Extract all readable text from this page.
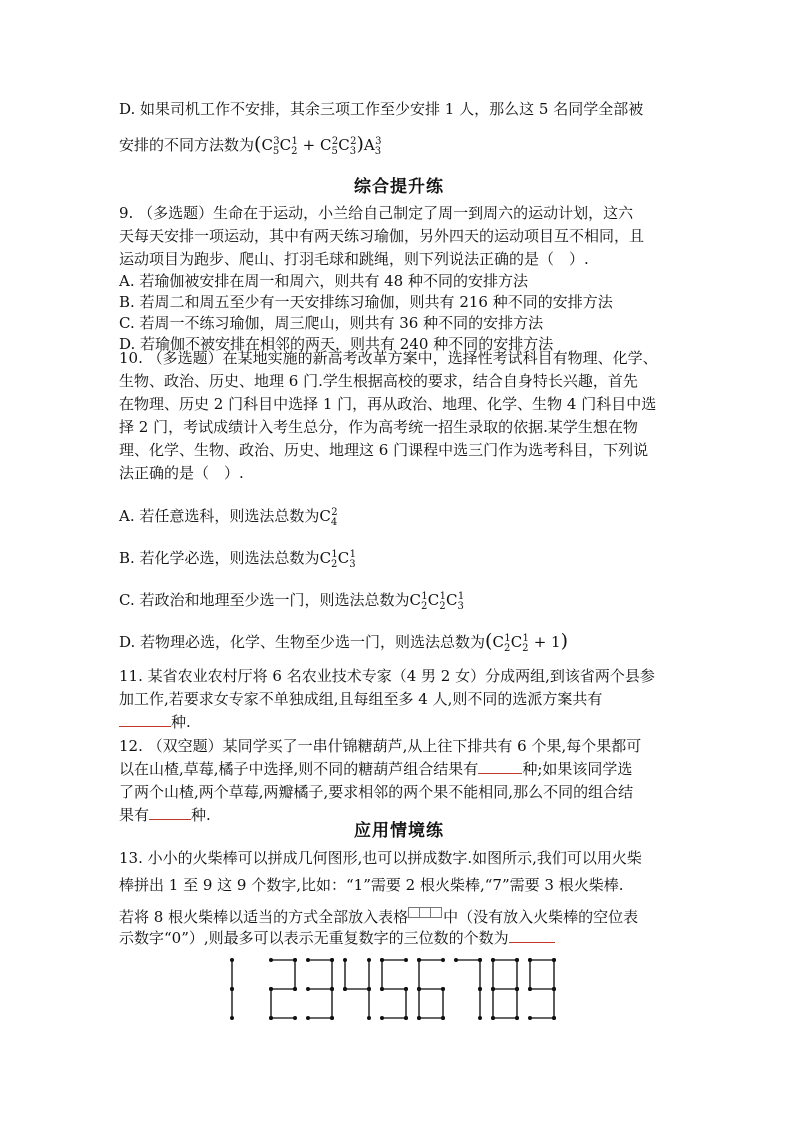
D. 如果司机工作不安排，其余三项工作至少安排 1 人，那么这 5 名同学全部被
安排的不同方法数为$(C_5^3C_2^1 + C_5^2C_3^2)A_3^3$
综合提升练
9. （多选题）生命在于运动，小兰给自己制定了周一到周六的运动计划，这六
天每天安排一项运动，其中有两天练习瑜伽，另外四天的运动项目互不相同，且
运动项目为跑步、爬山、打羽毛球和跳绳，则下列说法正确的是（　）.
A. 若瑜伽被安排在周一和周六，则共有 48 种不同的安排方法
B. 若周二和周五至少有一天安排练习瑜伽，则共有 216 种不同的安排方法
C. 若周一不练习瑜伽，周三爬山，则共有 36 种不同的安排方法
D. 若瑜伽不被安排在相邻的两天，则共有 240 种不同的安排方法
10. （多选题）在某地实施的新高考改革方案中，选择性考试科目有物理、化学、
生物、政治、历史、地理 6 门.学生根据高校的要求，结合自身特长兴趣，首先
在物理、历史 2 门科目中选择 1 门，再从政治、地理、化学、生物 4 门科目中选
择 2 门，考试成绩计入考生总分，作为高考统一招生录取的依据.某学生想在物
理、化学、生物、政治、历史、地理这 6 门课程中选三门作为选考科目，下列说
法正确的是（　）.
A. 若任意选科，则选法总数为$C_4^2$
B. 若化学必选，则选法总数为$C_2^1C_3^1$
C. 若政治和地理至少选一门，则选法总数为$C_2^1C_2^1C_3^1$
D. 若物理必选，化学、生物至少选一门，则选法总数为$(C_2^1C_2^1 + 1)$
11. 某省农业农村厅将 6 名农业技术专家（4 男 2 女）分成两组,到该省两个县参
加工作,若要求女专家不单独成组,且每组至多 4 人,则不同的选派方案共有
种.
12. （双空题）某同学买了一串什锦糖葫芦,从上往下排共有 6 个果,每个果都可
以在山楂,草莓,橘子中选择,则不同的糖葫芦组合结果有	种;如果该同学选
了两个山楂,两个草莓,两瓣橘子,要求相邻的两个果不能相同,那么不同的组合结
果有	种.
应用情境练
13. 小小的火柴棒可以拼成几何图形,也可以拼成数字.如图所示,我们可以用火柴
棒拼出 1 至 9 这 9 个数字,比如：“1”需要 2 根火柴棒,“7”需要 3 根火柴棒.
若将 8 根火柴棒以适当的方式全部放入表格 中（没有放入火柴棒的空位表
示数字“0”）,则最多可以表示无重复数字的三位数的个数为
